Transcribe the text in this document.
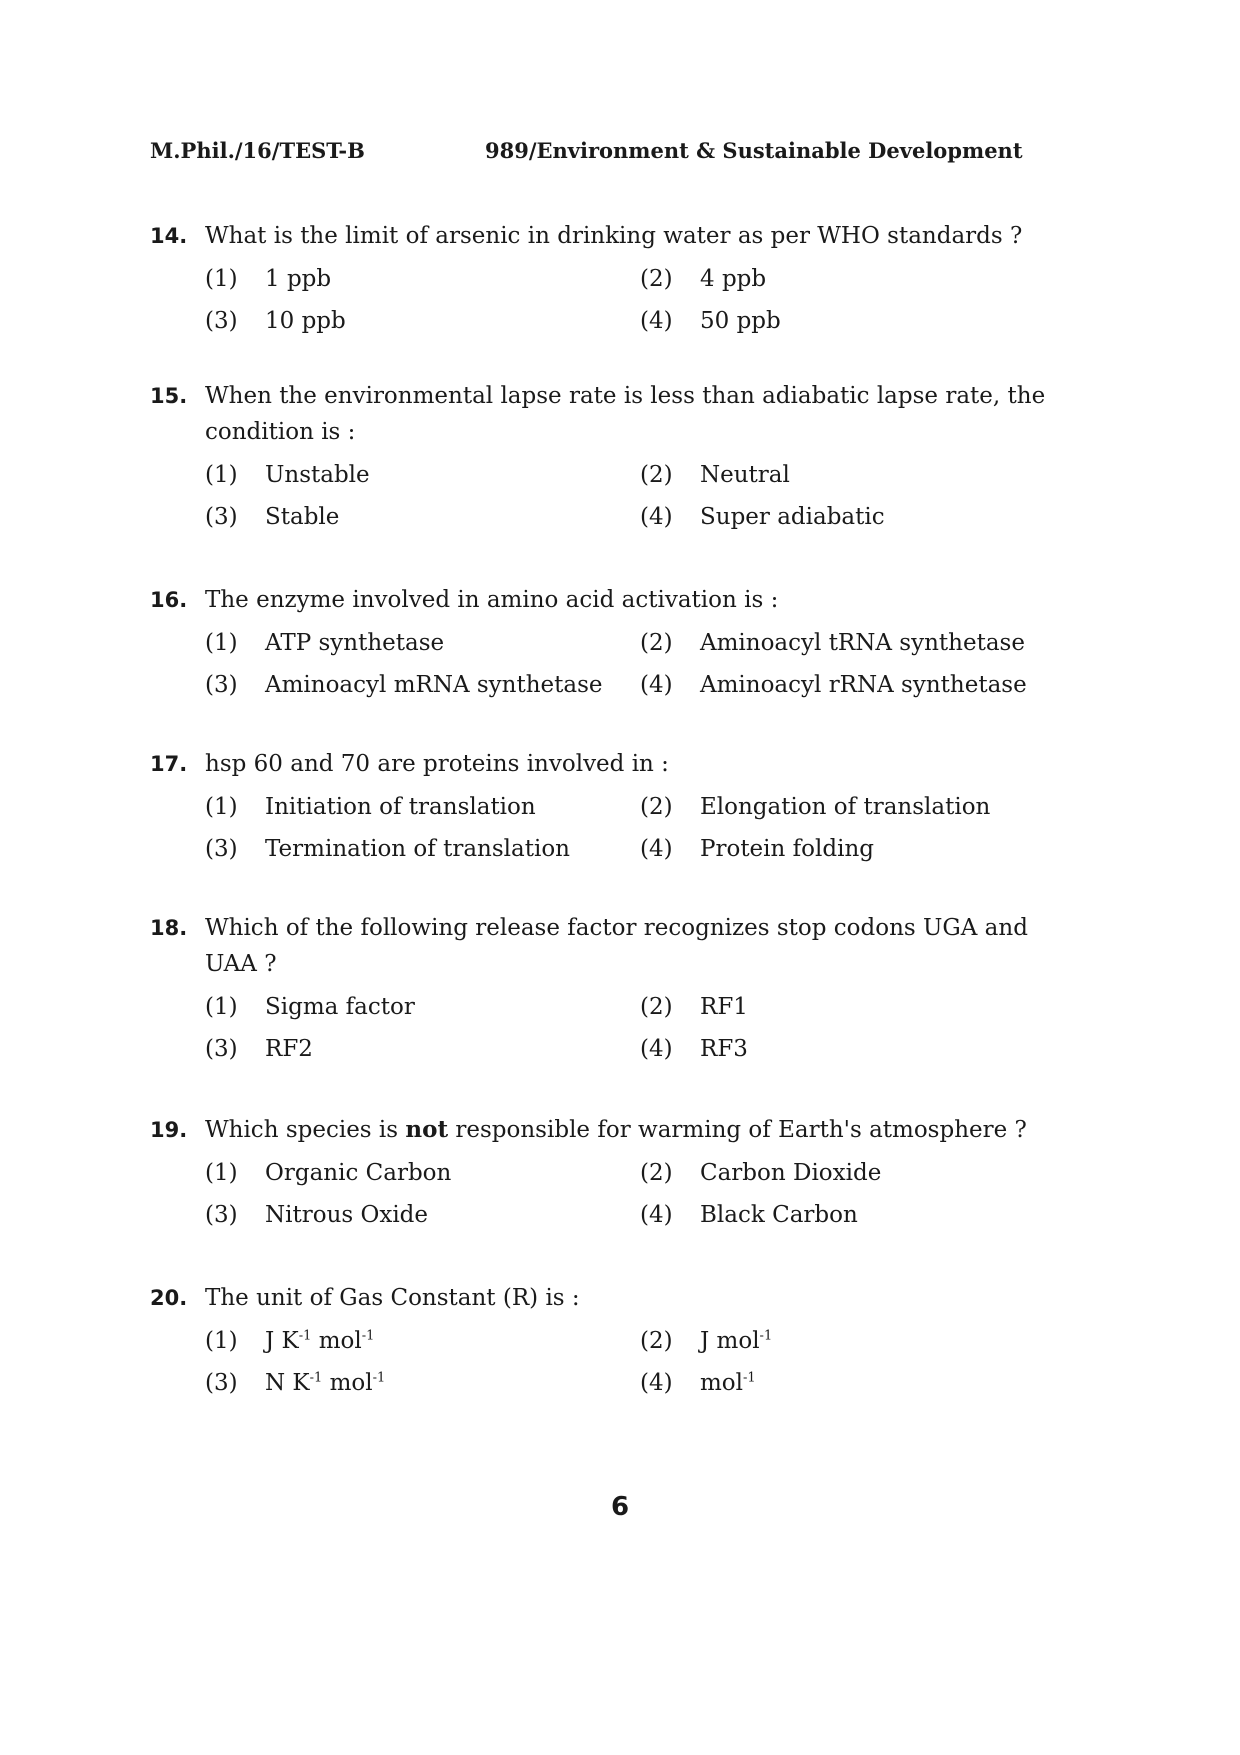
M.Phil./16/TEST-B	989/Environment & Sustainable Development
14. What is the limit of arsenic in drinking water as per WHO standards ?
(1)	1 ppb	(2)	4 ppb
(3)	10 ppb	(4)	50 ppb
15. When the environmental lapse rate is less than adiabatic lapse rate, the condition is :
(1)	Unstable	(2)	Neutral
(3)	Stable	(4)	Super adiabatic
16. The enzyme involved in amino acid activation is :
(1)	ATP synthetase	(2)	Aminoacyl tRNA synthetase
(3)	Aminoacyl mRNA synthetase (4)	Aminoacyl rRNA synthetase
17. hsp 60 and 70 are proteins involved in :
(1)	Initiation of translation	(2)	Elongation of translation
(3)	Termination of translation	(4)	Protein folding
18. Which of the following release factor recognizes stop codons UGA and UAA ?
(1)	Sigma factor	(2)	RF1
(3)	RF2	(4)	RF3
19. Which species is not responsible for warming of Earth's atmosphere ?
(1)	Organic Carbon	(2)	Carbon Dioxide
(3)	Nitrous Oxide	(4)	Black Carbon
20. The unit of Gas Constant (R) is :
(1)	J $K^{-1}$ mol$^{-1}$	(2)	J mol$^{-1}$
(3)	N $K^{-1}$ mol$^{-1}$	(4)	mol$^{-1}$
6
